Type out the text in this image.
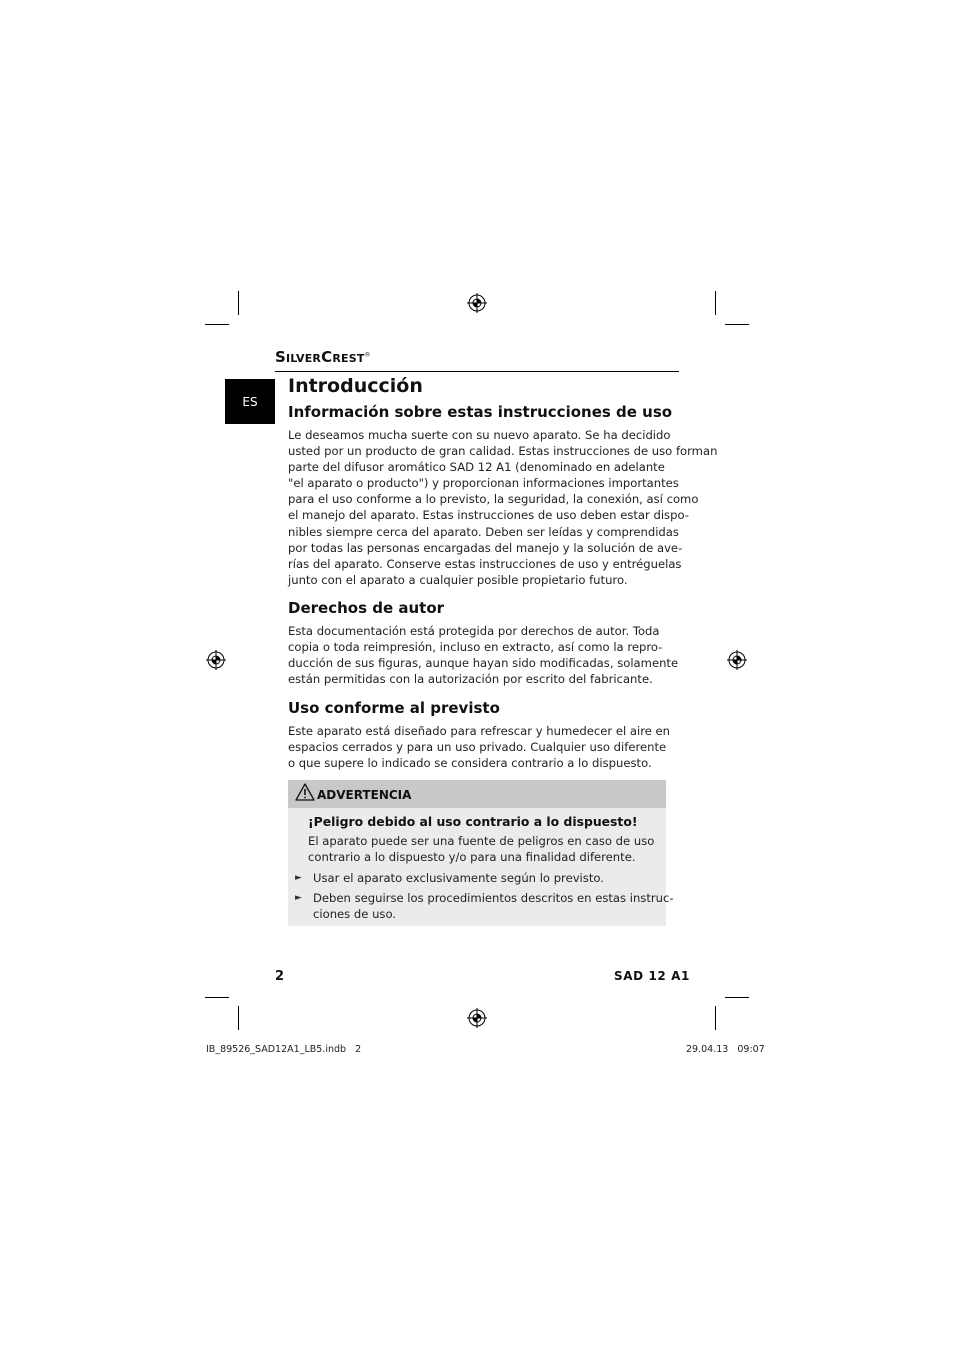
SILVERCREST®
ES
Introducción
Información sobre estas instrucciones de uso
Le deseamos mucha suerte con su nuevo aparato. Se ha decidido
usted por un producto de gran calidad. Estas instrucciones de uso forman
parte del difusor aromático SAD 12 A1 (denominado en adelante
"el aparato o producto") y proporcionan informaciones importantes
para el uso conforme a lo previsto, la seguridad, la conexión, así como
el manejo del aparato. Estas instrucciones de uso deben estar dispo-
nibles siempre cerca del aparato. Deben ser leídas y comprendidas
por todas las personas encargadas del manejo y la solución de ave-
rías del aparato. Conserve estas instrucciones de uso y entréguelas
junto con el aparato a cualquier posible propietario futuro.
Derechos de autor
Esta documentación está protegida por derechos de autor. Toda
copia o toda reimpresión, incluso en extracto, así como la repro-
ducción de sus figuras, aunque hayan sido modificadas, solamente
están permitidas con la autorización por escrito del fabricante.
Uso conforme al previsto
Este aparato está diseñado para refrescar y humedecer el aire en
espacios cerrados y para un uso privado. Cualquier uso diferente
o que supere lo indicado se considera contrario a lo dispuesto.
ADVERTENCIA
¡Peligro debido al uso contrario a lo dispuesto!
El aparato puede ser una fuente de peligros en caso de uso
contrario a lo dispuesto y/o para una finalidad diferente.
► Usar el aparato exclusivamente según lo previsto.
► Deben seguirse los procedimientos descritos en estas instruc-
ciones de uso.
2	SAD 12 A1
IB_89526_SAD12A1_LB5.indb   2	29.04.13   09:07
